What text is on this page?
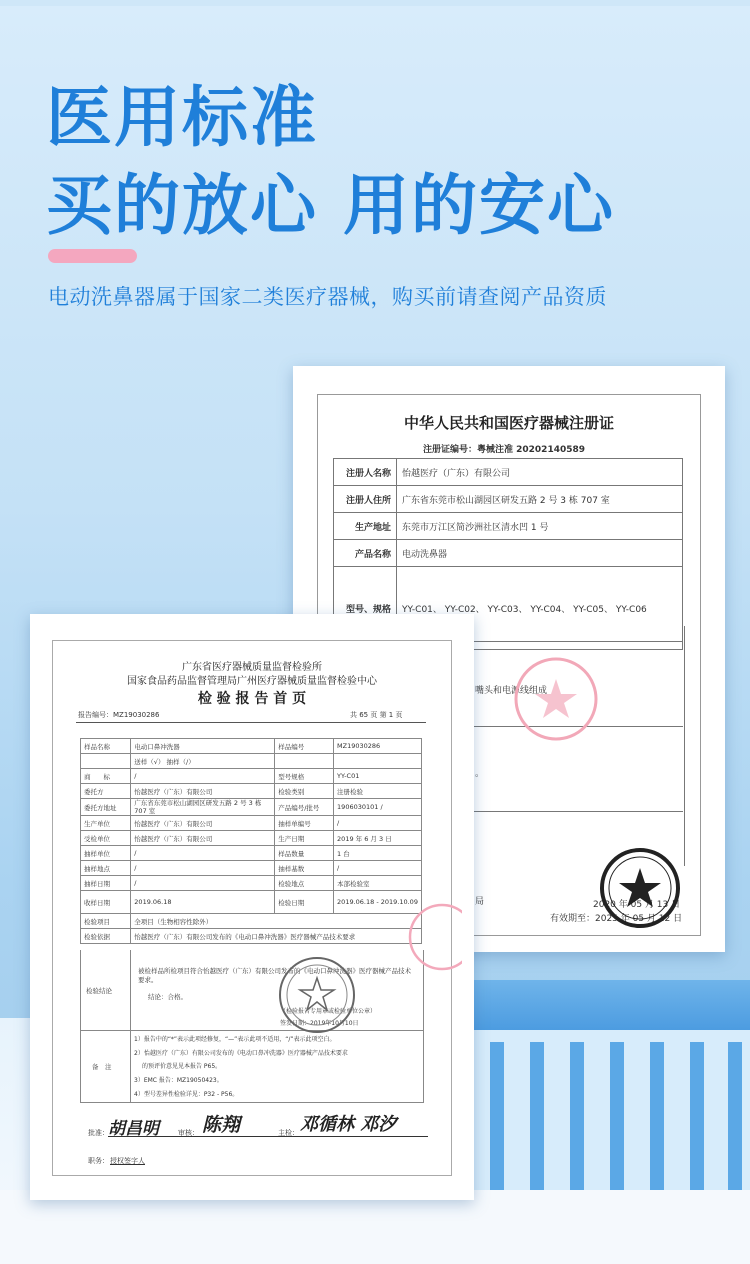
医用标准
买的放心 用的安心
电动洗鼻器属于国家二类医疗器械，购买前请查阅产品资质
中华人民共和国医疗器械注册证
注册证编号：粤械注准 20202140589
注册人名称	怡越医疗（广东）有限公司
注册人住所	广东省东莞市松山湖园区研发五路 2 号 3 栋 707 室
生产地址	东莞市万江区简沙洲社区清水凹 1 号
产品名称	电动洗鼻器
型号、规格	YY-C01、 YY-C02、 YY-C03、 YY-C04、 YY-C05、 YY-C06
嘴头和电源线组成
。
局	2020 年 05 月 13 日
有效期至：2025 年 05 月 12 日
广东省医疗器械质量监督检验所
国家食品药品监督管理局广州医疗器械质量监督检验中心
检 验 报 告 首 页
报告编号：MZ19030286	共 65 页 第 1 页
样品名称	电动口鼻冲洗器	样品编号	MZ19030286
	送样（√） 抽样（/）		
商　　标	/	型号规格	YY-C01
委托方	怡越医疗（广东）有限公司	检验类别	注册检验
委托方地址	广东省东莞市松山湖园区研发五路 2 号 3 栋 707 室	产品编号/批号	1906030101 /
生产单位	怡越医疗（广东）有限公司	抽样单编号	/
受检单位	怡越医疗（广东）有限公司	生产日期	2019 年 6 月 3 日
抽样单位	/	样品数量	1 台
抽样地点	/	抽样基数	/
抽样日期	/	检验地点	本部检验室
收样日期	2019.06.18	检验日期	2019.06.18 - 2019.10.09
检验项目	全项目（生物相容性除外）		
检验依据	怡越医疗（广东）有限公司发布的《电动口鼻冲洗器》医疗器械产品技术要求		
检验结论
被检样品所检项目符合怡越医疗（广东）有限公司发布的《电动口鼻冲洗器》医疗器械产品技术要求。
结论：合格。
（检验报告专用章或检验单位公章）
签发日期：2019年10月10日
备　注
1）报告中的“*”表示此项经修复，“—”表示此项不适用，“/”表示此项空白。
2）怡越医疗（广东）有限公司发布的《电动口鼻冲洗器》医疗器械产品技术要求
的预评价意见见本报告 P65。
3）EMC 报告：MZ19050423。
4）型号差异性检验详见：P32 - P56。
批准： 胡昌明	审核： 陈翔	主检： 邓循林 邓汐
职务： 授权签字人
